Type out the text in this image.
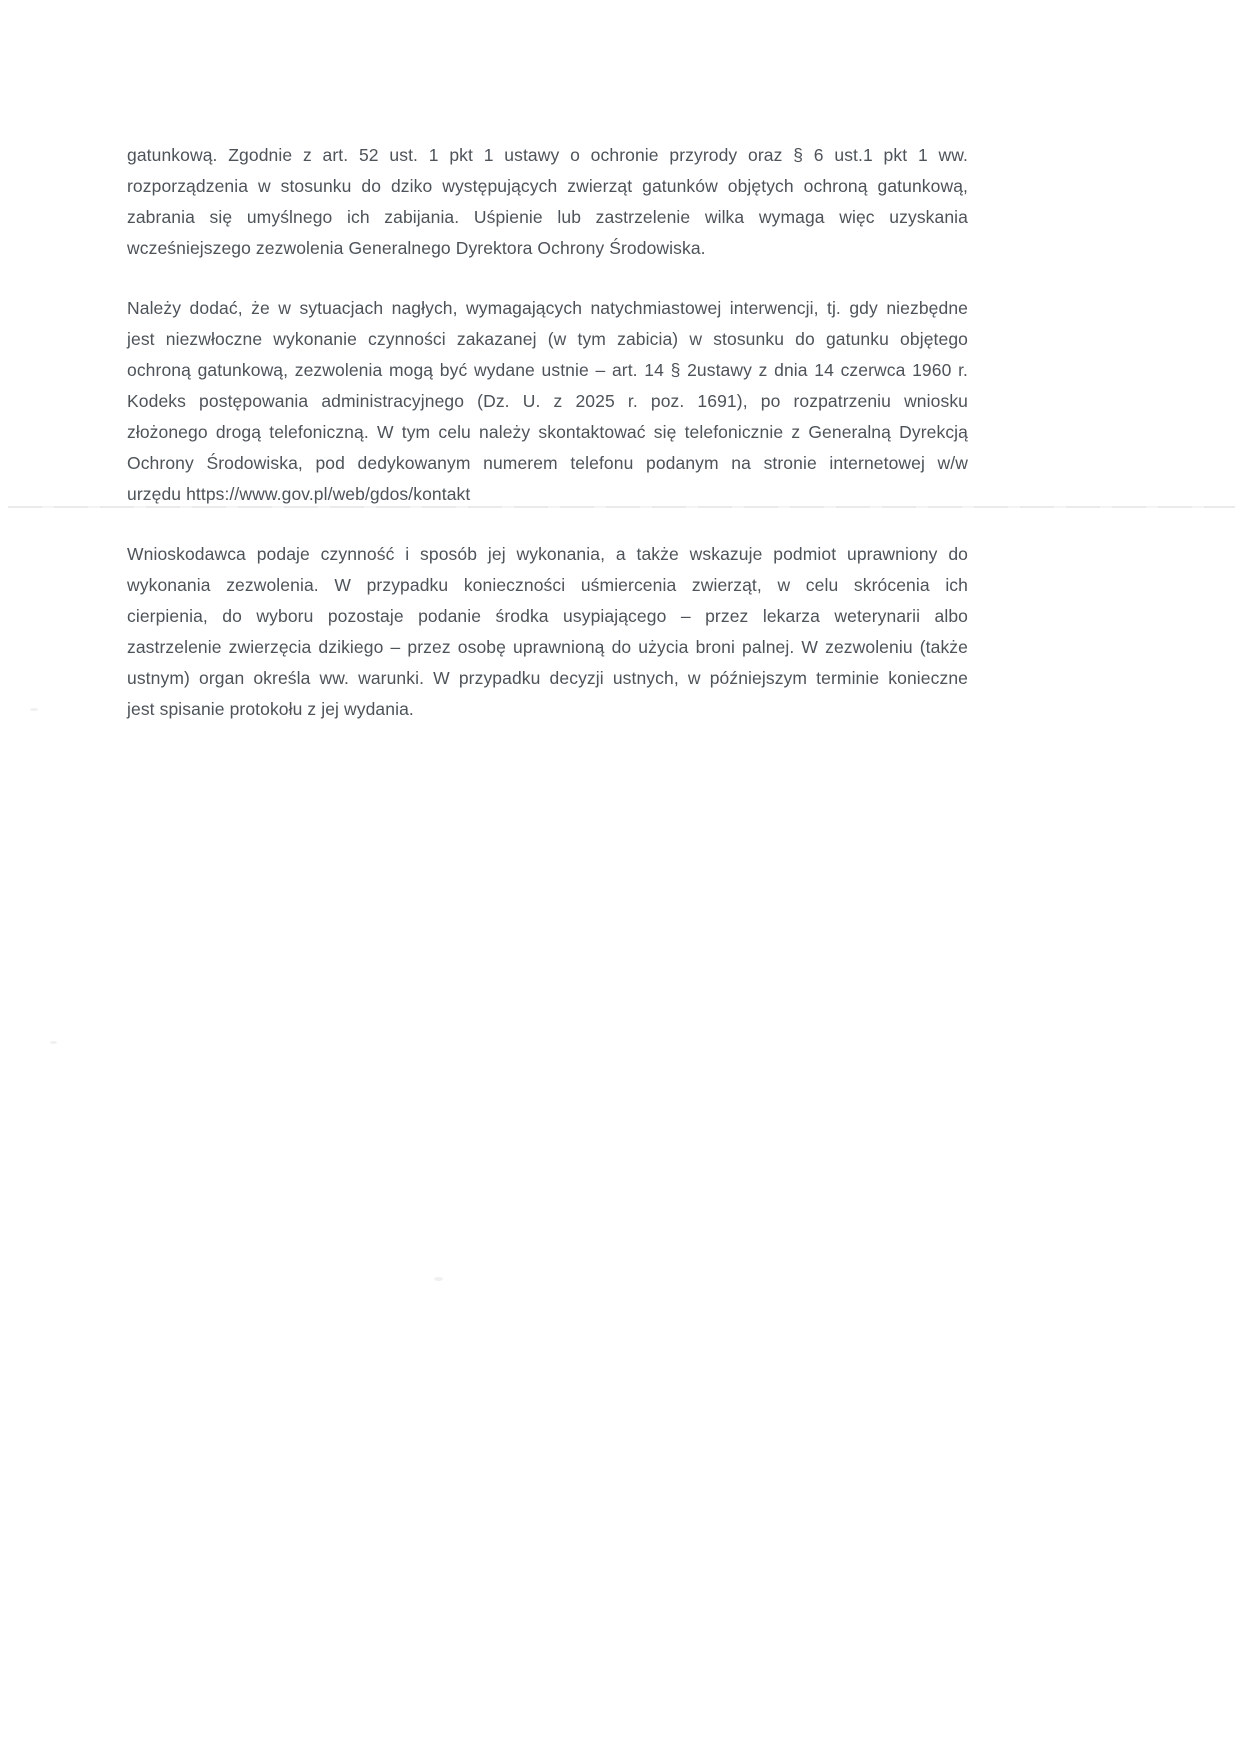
gatunkową. Zgodnie z art. 52 ust. 1 pkt 1 ustawy o ochronie przyrody oraz § 6 ust.1 pkt 1 ww.
rozporządzenia w stosunku do dziko występujących zwierząt gatunków objętych ochroną gatunkową,
zabrania się umyślnego ich zabijania. Uśpienie lub zastrzelenie wilka wymaga więc uzyskania
wcześniejszego zezwolenia Generalnego Dyrektora Ochrony Środowiska.
Należy dodać, że w sytuacjach nagłych, wymagających natychmiastowej interwencji, tj. gdy niezbędne
jest niezwłoczne wykonanie czynności zakazanej (w tym zabicia) w stosunku do gatunku objętego
ochroną gatunkową, zezwolenia mogą być wydane ustnie – art. 14 § 2ustawy z dnia 14 czerwca 1960 r.
Kodeks postępowania administracyjnego (Dz. U. z 2025 r. poz. 1691), po rozpatrzeniu wniosku
złożonego drogą telefoniczną. W tym celu należy skontaktować się telefonicznie z Generalną Dyrekcją
Ochrony Środowiska, pod dedykowanym numerem telefonu podanym na stronie internetowej w/w
urzędu https://www.gov.pl/web/gdos/kontakt
Wnioskodawca podaje czynność i sposób jej wykonania, a także wskazuje podmiot uprawniony do
wykonania zezwolenia. W przypadku konieczności uśmiercenia zwierząt, w celu skrócenia ich
cierpienia, do wyboru pozostaje podanie środka usypiającego – przez lekarza weterynarii albo
zastrzelenie zwierzęcia dzikiego – przez osobę uprawnioną do użycia broni palnej. W zezwoleniu (także
ustnym) organ określa ww. warunki. W przypadku decyzji ustnych, w późniejszym terminie konieczne
jest spisanie protokołu z jej wydania.
